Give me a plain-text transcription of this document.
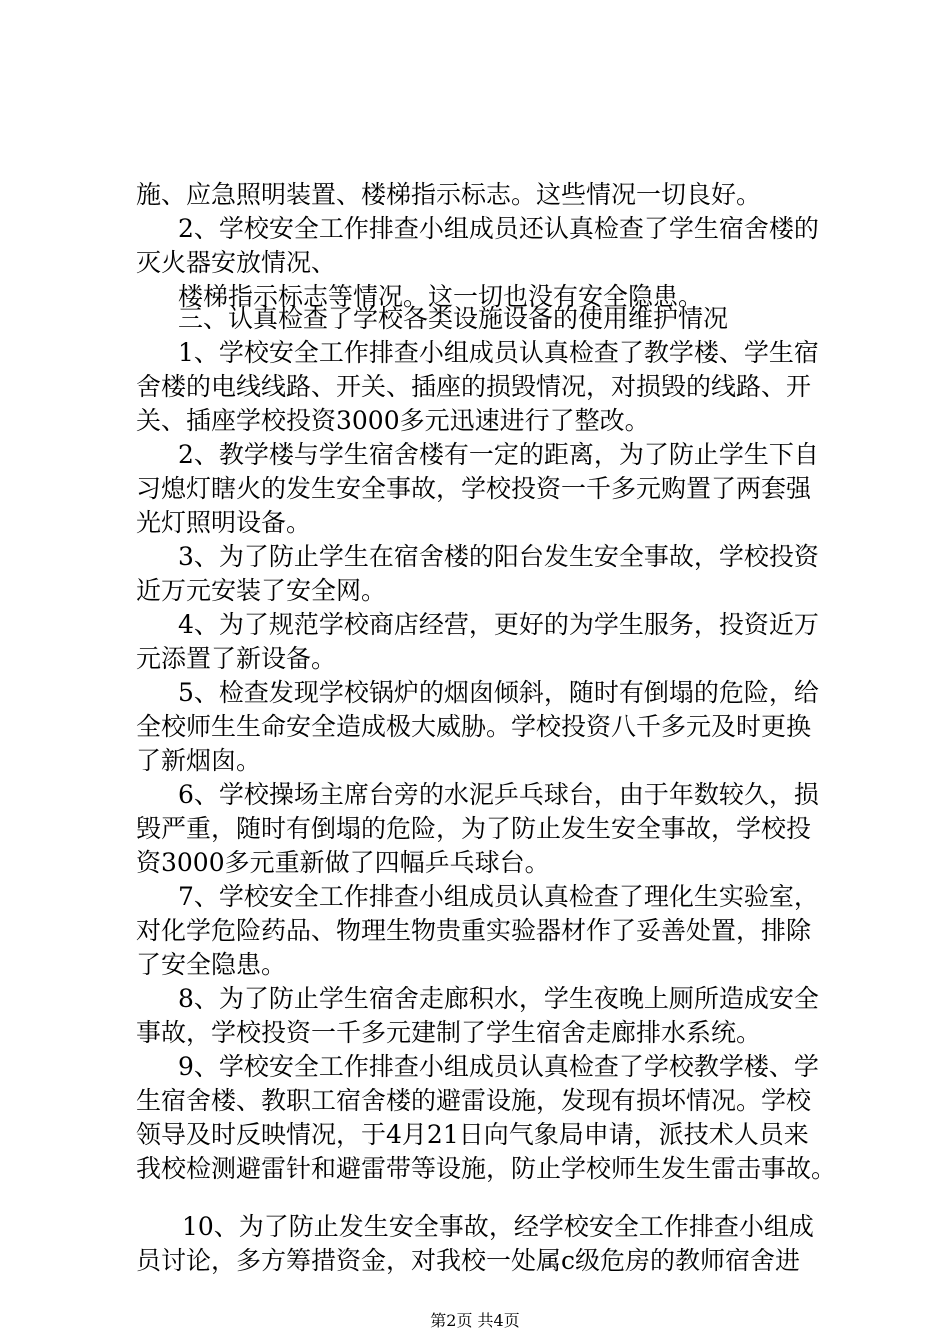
施、应急照明装置、楼梯指示标志。这些情况一切良好。
2、学校安全工作排查小组成员还认真检查了学生宿舍楼的
灭火器安放情况、
楼梯指示标志等情况。这一切也没有安全隐患。
三、认真检查了学校各类设施设备的使用维护情况
1、学校安全工作排查小组成员认真检查了教学楼、学生宿
舍楼的电线线路、开关、插座的损毁情况，对损毁的线路、开
关、插座学校投资3000多元迅速进行了整改。
2、教学楼与学生宿舍楼有一定的距离，为了防止学生下自
习熄灯瞎火的发生安全事故，学校投资一千多元购置了两套强
光灯照明设备。
3、为了防止学生在宿舍楼的阳台发生安全事故，学校投资
近万元安装了安全网。
4、为了规范学校商店经营，更好的为学生服务，投资近万
元添置了新设备。
5、检查发现学校锅炉的烟囱倾斜，随时有倒塌的危险，给
全校师生生命安全造成极大威胁。学校投资八千多元及时更换
了新烟囱。
6、学校操场主席台旁的水泥乒乓球台，由于年数较久，损
毁严重，随时有倒塌的危险，为了防止发生安全事故，学校投
资3000多元重新做了四幅乒乓球台。
7、学校安全工作排查小组成员认真检查了理化生实验室，
对化学危险药品、物理生物贵重实验器材作了妥善处置，排除
了安全隐患。
8、为了防止学生宿舍走廊积水，学生夜晚上厕所造成安全
事故，学校投资一千多元建制了学生宿舍走廊排水系统。
9、学校安全工作排查小组成员认真检查了学校教学楼、学
生宿舍楼、教职工宿舍楼的避雷设施，发现有损坏情况。学校
领导及时反映情况，于4月21日向气象局申请，派技术人员来
我校检测避雷针和避雷带等设施，防止学校师生发生雷击事故。
10、为了防止发生安全事故，经学校安全工作排查小组成
员讨论，多方筹措资金，对我校一处属c级危房的教师宿舍进
第2页 共4页
